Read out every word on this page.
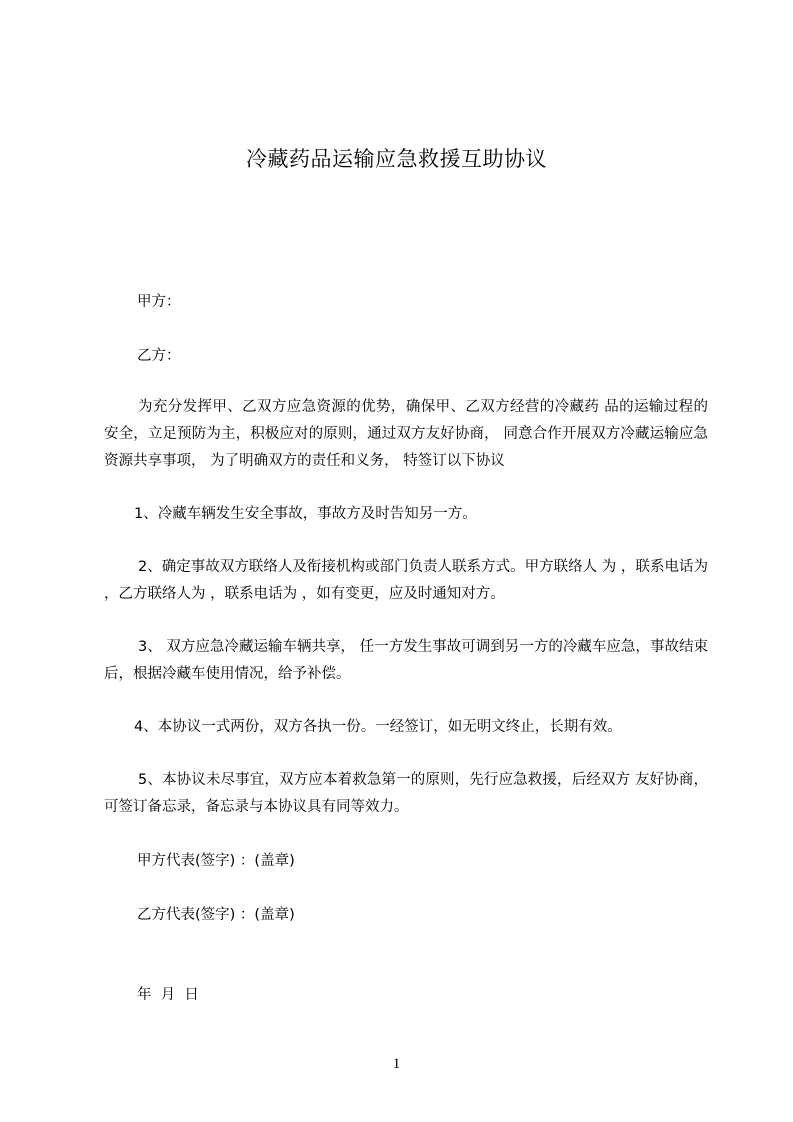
冷藏药品运输应急救援互助协议
甲方：
乙方：
为充分发挥甲、乙双方应急资源的优势，确保甲、乙双方经营的冷藏药 品的运输过程的安全，立足预防为主，积极应对的原则，通过双方友好协商， 同意合作开展双方冷藏运输应急资源共享事项， 为了明确双方的责任和义务， 特签订以下协议
1、冷藏车辆发生安全事故，事故方及时告知另一方。
2、确定事故双方联络人及衔接机构或部门负责人联系方式。甲方联络人 为 ，联系电话为 ，乙方联络人为 ，联系电话为 ，如有变更，应及时通知对方。
3、 双方应急冷藏运输车辆共享， 任一方发生事故可调到另一方的冷藏车应急，事故结束后，根据冷藏车使用情况，给予补偿。
4、本协议一式两份，双方各执一份。一经签订，如无明文终止，长期有效。
5、本协议未尽事宜，双方应本着救急第一的原则，先行应急救援，后经双方 友好协商，可签订备忘录，备忘录与本协议具有同等效力。
甲方代表(签字) ：(盖章)
乙方代表(签字) ：(盖章)
年  月  日
1
